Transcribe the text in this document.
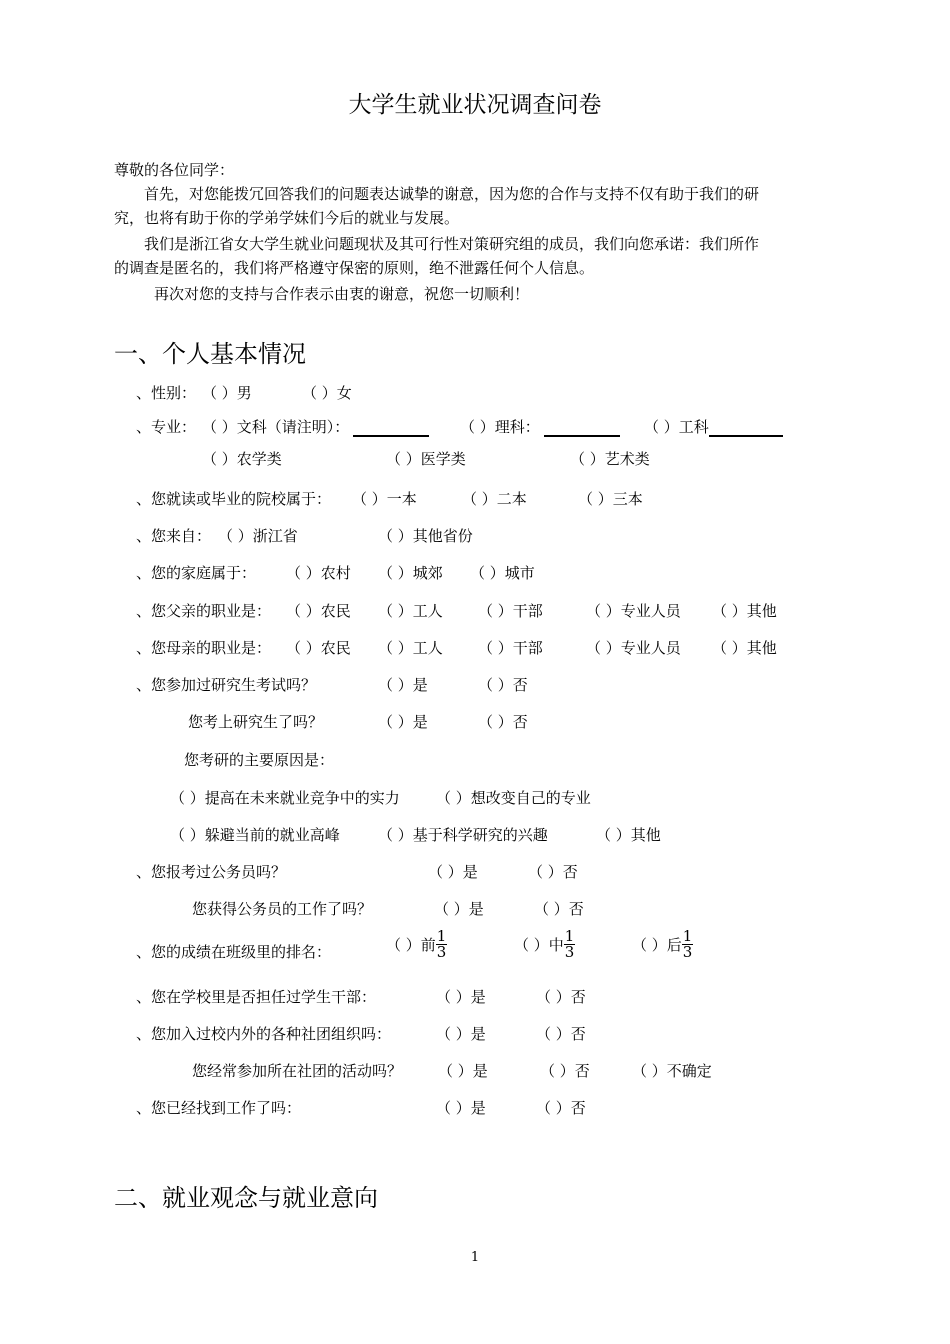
大学生就业状况调查问卷
尊敬的各位同学：
首先，对您能拨冗回答我们的问题表达诚挚的谢意，因为您的合作与支持不仅有助于我们的研
究，也将有助于你的学弟学妹们今后的就业与发展。
我们是浙江省女大学生就业问题现状及其可行性对策研究组的成员，我们向您承诺：我们所作
的调查是匿名的，我们将严格遵守保密的原则，绝不泄露任何个人信息。
再次对您的支持与合作表示由衷的谢意，祝您一切顺利！
一、个人基本情况
、性别： （ ）男	（ ）女
、专业： （ ）文科（请注明）：	（ ）理科：	（ ）工科
（ ）农学类	（ ）医学类	（ ）艺术类
、您就读或毕业的院校属于： （ ）一本	（ ）二本	（ ）三本
、您来自： （ ）浙江省	（ ）其他省份
、您的家庭属于： （ ）农村 （ ）城郊 （ ）城市
、您父亲的职业是： （ ）农民 （ ）工人 （ ）干部	（ ）专业人员 （ ）其他
、您母亲的职业是： （ ）农民 （ ）工人 （ ）干部	（ ）专业人员 （ ）其他
、您参加过研究生考试吗？	（ ）是	（ ）否
您考上研究生了吗？	（ ）是	（ ）否
您考研的主要原因是：
（ ）提高在未来就业竞争中的实力 （ ）想改变自己的专业
（ ）躲避当前的就业高峰	（ ）基于科学研究的兴趣	（ ）其他
、您报考过公务员吗？	（ ）是	（ ）否
您获得公务员的工作了吗？	（ ）是	（ ）否
、您的成绩在班级里的排名：	（ ）前 $\frac{1}{3}$	（ ）中 $\frac{1}{3}$	（ ）后 $\frac{1}{3}$
、您在学校里是否担任过学生干部：	（ ）是	（ ）否
、您加入过校内外的各种社团组织吗：	（ ）是	（ ）否
您经常参加所在社团的活动吗？ （ ）是	（ ）否	（ ）不确定
、您已经找到工作了吗：	（ ）是	（ ）否
二、就业观念与就业意向
1
